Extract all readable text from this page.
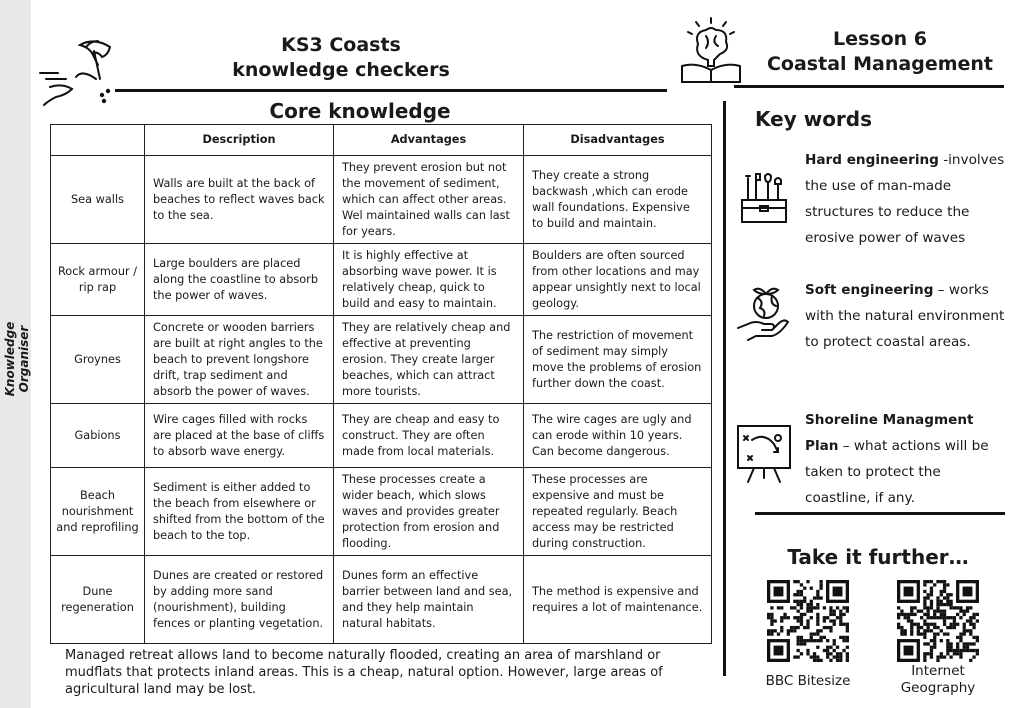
Knowledge Organiser
KS3 Coasts
knowledge checkers
Lesson 6
Coastal Management
Core knowledge
	Description	Advantages	Disadvantages
Sea walls	Walls are built at the back of beaches to reflect waves back to the sea.	They prevent erosion but not the movement of sediment, which can affect other areas. Wel maintained walls can last for years.	They create a strong backwash ,which can erode wall foundations. Expensive to build and maintain.
Rock armour / rip rap	Large boulders are placed along the coastline to absorb the power of waves.	It is highly effective at absorbing wave power. It is relatively cheap, quick to build and easy to maintain.	Boulders are often sourced from other locations and may appear unsightly next to local geology.
Groynes	Concrete or wooden barriers are built at right angles to the beach to prevent longshore drift, trap sediment and absorb the power of waves.	They are relatively cheap and effective at preventing erosion. They create larger beaches, which can attract more tourists.	The restriction of movement of sediment may simply move the problems of erosion further down the coast.
Gabions	Wire cages filled with rocks are placed at the base of cliffs to absorb wave energy.	They are cheap and easy to construct. They are often made from local materials.	The wire cages are ugly and can erode within 10 years. Can become dangerous.
Beach nourishment and reprofiling	Sediment is either added to the beach from elsewhere or shifted from the bottom of the beach to the top.	These processes create a wider beach, which slows waves and provides greater protection from erosion and flooding.	These processes are expensive and must be repeated regularly. Beach access may be restricted during construction.
Dune regeneration	Dunes are created or restored by adding more sand (nourishment), building fences or planting vegetation.	Dunes form an effective barrier between land and sea, and they help maintain natural habitats.	The method is expensive and requires a lot of maintenance.
Managed retreat allows land to become naturally flooded, creating an area of marshland or mudflats that protects inland areas. This is a cheap, natural option. However, large areas of agricultural land may be lost.
Key words
Hard engineering -involves the use of man-made structures to reduce the erosive power of waves
Soft engineering – works with the natural environment to protect coastal areas.
Shoreline Managment Plan – what actions will be taken to protect the coastline, if any.
Take it further…
BBC Bitesize
Internet
Geography
